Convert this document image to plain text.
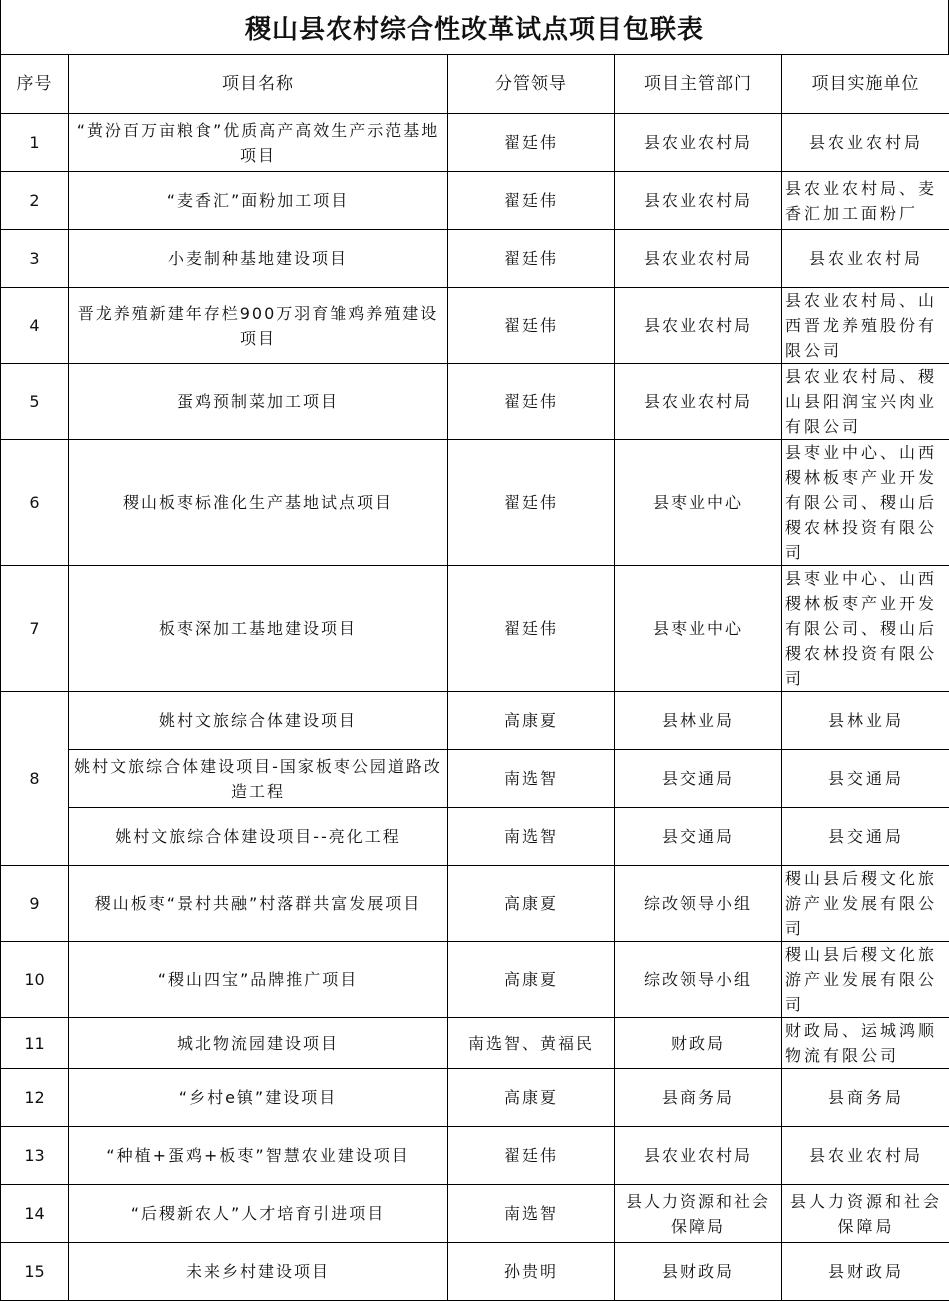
稷山县农村综合性改革试点项目包联表
序号	项目名称	分管领导	项目主管部门	项目实施单位
1	“黄汾百万亩粮食”优质高产高效生产示范基地项目	翟廷伟	县农业农村局	县农业农村局
2	“麦香汇”面粉加工项目	翟廷伟	县农业农村局	县农业农村局、麦香汇加工面粉厂
3	小麦制种基地建设项目	翟廷伟	县农业农村局	县农业农村局
4	晋龙养殖新建年存栏900万羽育雏鸡养殖建设项目	翟廷伟	县农业农村局	县农业农村局、山西晋龙养殖股份有限公司
5	蛋鸡预制菜加工项目	翟廷伟	县农业农村局	县农业农村局、稷山县阳润宝兴肉业有限公司
6	稷山板枣标准化生产基地试点项目	翟廷伟	县枣业中心	县枣业中心、山西稷林板枣产业开发有限公司、稷山后稷农林投资有限公司
7	板枣深加工基地建设项目	翟廷伟	县枣业中心	县枣业中心、山西稷林板枣产业开发有限公司、稷山后稷农林投资有限公司
8	姚村文旅综合体建设项目	高康夏	县林业局	县林业局
	姚村文旅综合体建设项目-国家板枣公园道路改造工程	南选智	县交通局	县交通局
	姚村文旅综合体建设项目--亮化工程	南选智	县交通局	县交通局
9	稷山板枣“景村共融”村落群共富发展项目	高康夏	综改领导小组	稷山县后稷文化旅游产业发展有限公司
10	“稷山四宝”品牌推广项目	高康夏	综改领导小组	稷山县后稷文化旅游产业发展有限公司
11	城北物流园建设项目	南选智、黄福民	财政局	财政局、运城鸿顺物流有限公司
12	“乡村e镇”建设项目	高康夏	县商务局	县商务局
13	“种植+蛋鸡+板枣”智慧农业建设项目	翟廷伟	县农业农村局	县农业农村局
14	“后稷新农人”人才培育引进项目	南选智	县人力资源和社会保障局	县人力资源和社会保障局
15	未来乡村建设项目	孙贵明	县财政局	县财政局
